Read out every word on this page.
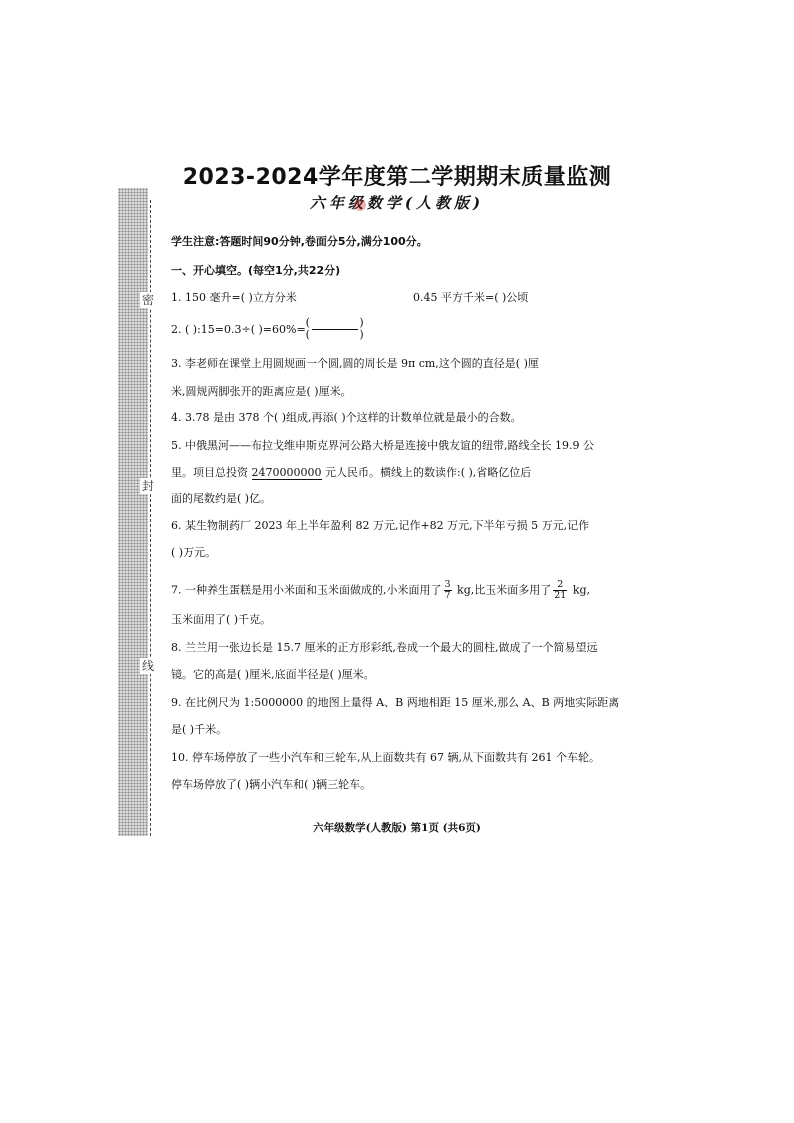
密
封
线
2023-2024学年度第二学期期末质量监测
六年级数学(人教版)
学生注意:答题时间90分钟,卷面分5分,满分100分。
一、开心填空。(每空1分,共22分)
1. 150 毫升=( )立方分米	0.45 平方千米=( )公顷
2. ( ):15=0.3÷( )=60%=
(	)
(	)
3. 李老师在课堂上用圆规画一个圆,圆的周长是 9π cm,这个圆的直径是( )厘
米,圆规两脚张开的距离应是( )厘米。
4. 3.78 是由 378 个( )组成,再添( )个这样的计数单位就是最小的合数。
5. 中俄黑河——布拉戈维申斯克界河公路大桥是连接中俄友谊的纽带,路线全长 19.9 公
里。项目总投资 2470000000 元人民币。横线上的数读作:( ),省略亿位后
面的尾数约是( )亿。
6. 某生物制药厂 2023 年上半年盈利 82 万元,记作+82 万元,下半年亏损 5 万元,记作
( )万元。
7. 一种养生蛋糕是用小米面和玉米面做成的,小米面用了 $\frac{3}{7}$ kg,比玉米面多用了 $\frac{2}{21}$ kg,
玉米面用了( )千克。
8. 兰兰用一张边长是 15.7 厘米的正方形彩纸,卷成一个最大的圆柱,做成了一个简易望远
镜。它的高是( )厘米,底面半径是( )厘米。
9. 在比例尺为 1:5000000 的地图上量得 A、B 两地相距 15 厘米,那么 A、B 两地实际距离
是( )千米。
10. 停车场停放了一些小汽车和三轮车,从上面数共有 67 辆,从下面数共有 261 个车轮。
停车场停放了( )辆小汽车和( )辆三轮车。
六年级数学(人教版) 第1页 (共6页)
